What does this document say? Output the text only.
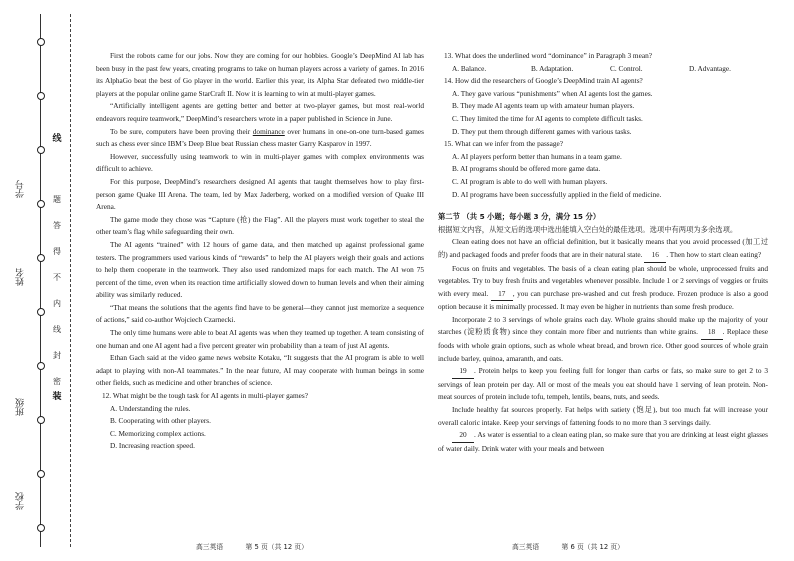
学号
姓名
班级
学校
线
题
答
得
不
内
线
封
密
装

First the robots came for our jobs. Now they are coming for our hobbies. Google’s DeepMind AI lab has been busy in the past few years, creating programs to take on human players across a variety of games. In 2016 its AlphaGo beat the best of Go player in the world. Earlier this year, its Alpha Star defeated two middle-tier players at the popular online game StarCraft II. Now it is learning to win at multi-player games.

“Artificially intelligent agents are getting better and better at two-player games, but most real-world endeavors require teamwork,” DeepMind’s researchers wrote in a paper published in Science in June.

To be sure, computers have been proving their dominance over humans in one-on-one turn-based games such as chess ever since IBM’s Deep Blue beat Russian chess master Garry Kasparov in 1997.

However, successfully using teamwork to win in multi-player games with complex environments was difficult to achieve.

For this purpose, DeepMind’s researchers designed AI agents that taught themselves how to play first-person game Quake III Arena. The team, led by Max Jaderberg, worked on a modified version of Quake III Arena.

The game mode they chose was “Capture (抢) the Flag”. All the players must work together to steal the other team’s flag while safeguarding their own.

The AI agents “trained” with 12 hours of game data, and then matched up against professional game testers. The programmers used various kinds of “rewards” to help the AI players weigh their goals and actions to help them cooperate in the teamwork. They also used randomized maps for each match. The AI won 75 percent of the time, even when its reaction time artificially slowed down to human levels and when their aiming ability was similarly reduced.

“That means the solutions that the agents find have to be general—they cannot just memorize a sequence of actions,” said co-author Wojciech Czarnecki.

The only time humans were able to beat AI agents was when they teamed up together. A team consisting of one human and one AI agent had a five percent greater win probability than a team of just AI agents.

Ethan Gach said at the video game news website Kotaku, “It suggests that the AI program is able to well adapt to playing with non-AI teammates.” In the near future, AI may cooperate with human beings in some other fields, such as medicine and other branches of science.

12. What might be the tough task for AI agents in multi-player games?

A. Understanding the rules.

B. Cooperating with other players.

C. Memorizing complex actions.

D. Increasing reaction speed.

13. What does the underlined word “dominance” in Paragraph 3 mean?

A. Balance.	B. Adaptation.	C. Control.	D. Advantage.

14. How did the researchers of Google’s DeepMind train AI agents?

A. They gave various “punishments” when AI agents lost the games.

B. They made AI agents team up with amateur human players.

C. They limited the time for AI agents to complete difficult tasks.

D. They put them through different games with various tasks.

15. What can we infer from the passage?

A. AI players perform better than humans in a team game.

B. AI programs should be offered more game data.

C. AI program is able to do well with human players.

D. AI programs have been successfully applied in the field of medicine.

第二节 （共 5 小题；每小题 3 分，满分 15 分）

根据短文内容，从短文后的选项中选出能填入空白处的最佳选项。选项中有两项为多余选项。

Clean eating does not have an official definition, but it basically means that you avoid processed (加工过的) and packaged foods and prefer foods that are in their natural state. 16 . Then how to start clean eating?

Focus on fruits and vegetables. The basis of a clean eating plan should be whole, unprocessed fruits and vegetables. Try to buy fresh fruits and vegetables whenever possible. Include 1 or 2 servings of veggies or fruits with every meal. 17 , you can purchase pre-washed and cut fresh produce. Frozen produce is also a good option because it is minimally processed. It may even be higher in nutrients than some fresh produce.

Incorporate 2 to 3 servings of whole grains each day. Whole grains should make up the majority of your starches (淀粉质食物) since they contain more fiber and nutrients than white grains. 18 . Replace these foods with whole grain options, such as whole wheat bread, and brown rice. Other good sources of whole grain include barley, quinoa, amaranth, and oats.

19 . Protein helps to keep you feeling full for longer than carbs or fats, so make sure to get 2 to 3 servings of lean protein per day. All or most of the meals you eat should have 1 serving of lean protein. Non-meat sources of protein include tofu, tempeh, lentils, beans, nuts, and seeds.

Include healthy fat sources properly. Fat helps with satiety (饱足), but too much fat will increase your overall caloric intake. Keep your servings of fattening foods to no more than 3 servings daily.

20 . As water is essential to a clean eating plan, so make sure that you are drinking at least eight glasses of water daily. Drink water with your meals and between

高三英语	第 5 页（共 12 页）	高三英语	第 6 页（共 12 页）
